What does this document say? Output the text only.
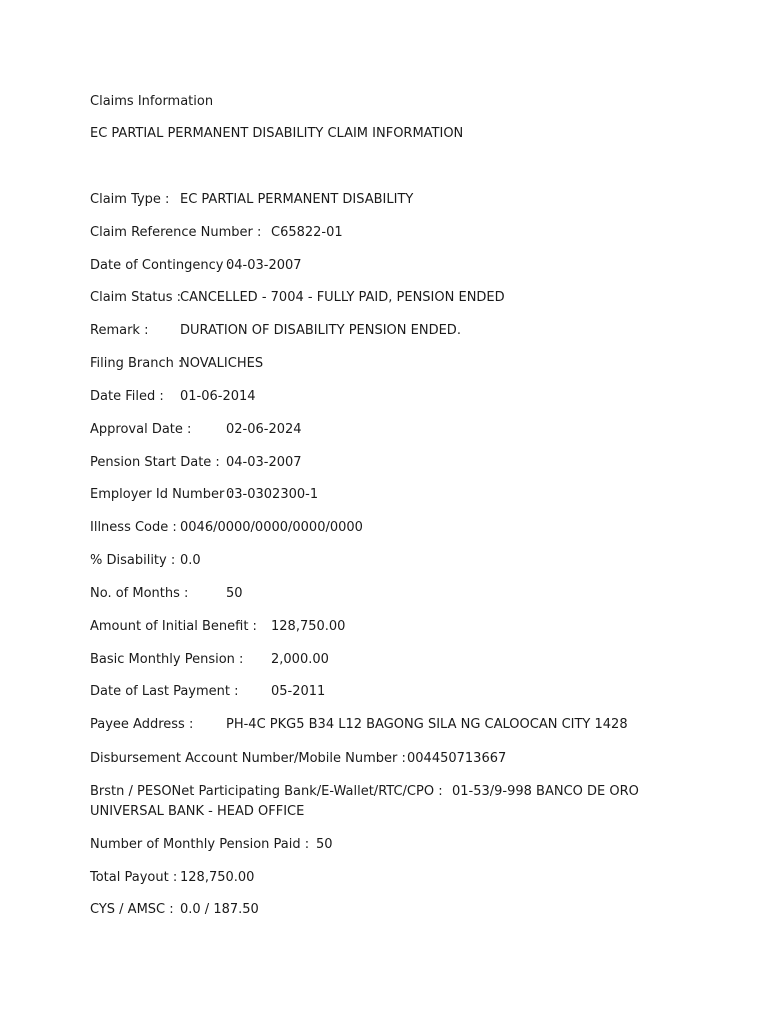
Claims Information
EC PARTIAL PERMANENT DISABILITY CLAIM INFORMATION
Claim Type : EC PARTIAL PERMANENT DISABILITY
Claim Reference Number : C65822-01
Date of Contingency :
04-03-2007
Claim Status : CANCELLED - 7004 - FULLY PAID, PENSION ENDED
Remark : DURATION OF DISABILITY PENSION ENDED.
Filing Branch :
NOVALICHES
Date Filed : 01-06-2014
Approval Date :	02-06-2024
Pension Start Date : 04-03-2007
Employer Id Number :
03-0302300-1
Illness Code : 0046/0000/0000/0000/0000
% Disability : 0.0
No. of Months :	50
Amount of Initial Benefit : 128,750.00
Basic Monthly Pension : 2,000.00
Date of Last Payment : 05-2011
Payee Address :	PH-4C PKG5 B34 L12 BAGONG SILA NG CALOOCAN CITY 1428
Disbursement Account Number/Mobile Number : 004450713667
Brstn / PESONet Participating Bank/E-Wallet/RTC/CPO : 01-53/9-998 BANCO DE ORO
UNIVERSAL BANK - HEAD OFFICE
Number of Monthly Pension Paid : 50
Total Payout : 128,750.00
CYS / AMSC : 0.0 / 187.50
